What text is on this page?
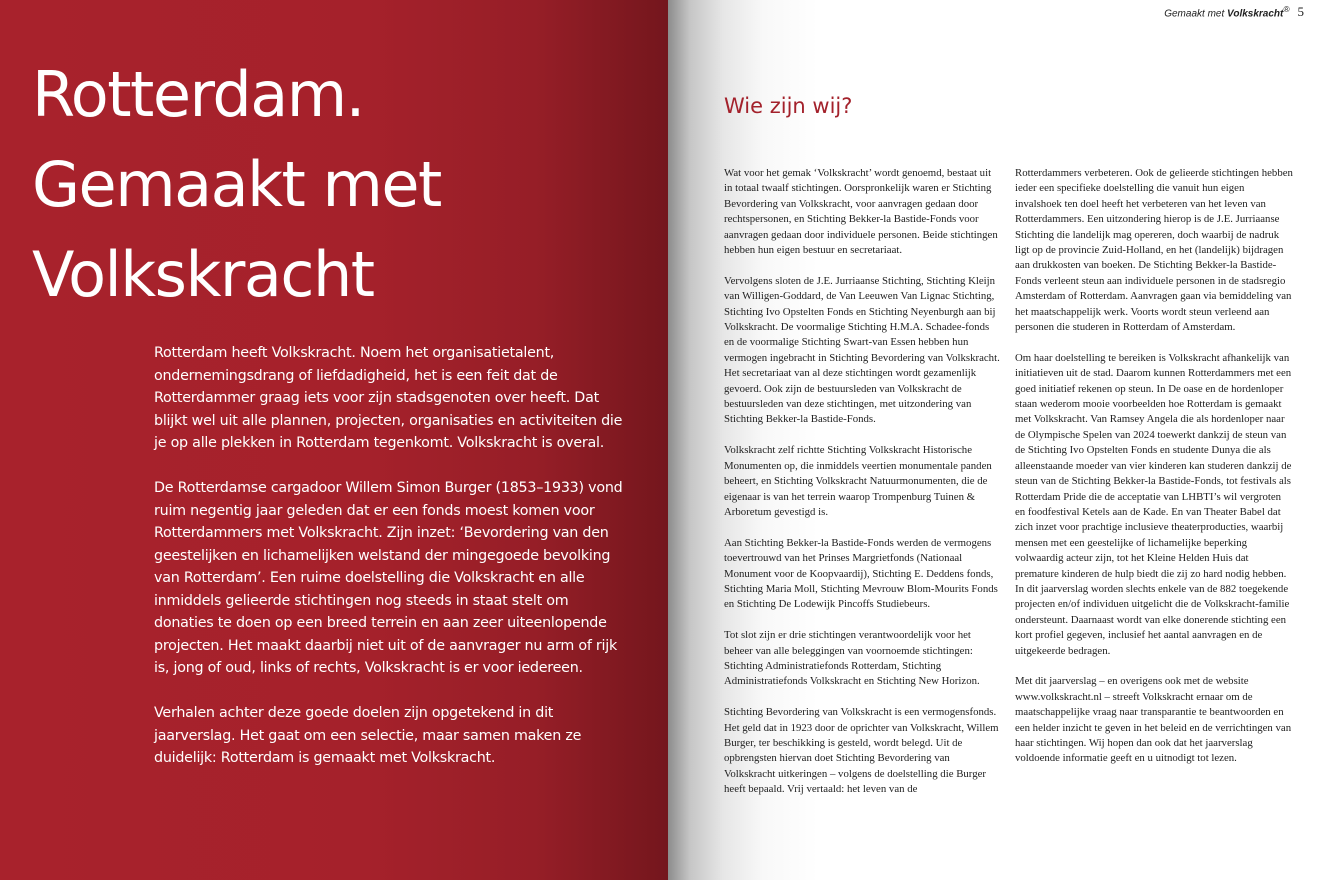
Rotterdam.
Gemaakt met
Volkskracht

Rotterdam heeft Volkskracht. Noem het organisatietalent, ondernemingsdrang of liefdadigheid, het is een feit dat de Rotterdammer graag iets voor zijn stadsgenoten over heeft. Dat blijkt wel uit alle plannen, projecten, organisaties en activiteiten die je op alle plekken in Rotterdam tegenkomt. Volkskracht is overal.

De Rotterdamse cargadoor Willem Simon Burger (1853–1933) vond ruim negentig jaar geleden dat er een fonds moest komen voor Rotterdammers met Volkskracht. Zijn inzet: ‘Bevordering van den geestelijken en lichamelijken welstand der mingegoede bevolking van Rotterdam’. Een ruime doelstelling die Volkskracht en alle inmiddels gelieerde stichtingen nog steeds in staat stelt om donaties te doen op een breed terrein en aan zeer uiteenlopende projecten. Het maakt daarbij niet uit of de aanvrager nu arm of rijk is, jong of oud, links of rechts, Volkskracht is er voor iedereen.

Verhalen achter deze goede doelen zijn opgetekend in dit jaarverslag. Het gaat om een selectie, maar samen maken ze duidelijk: Rotterdam is gemaakt met Volkskracht.

Gemaakt met Volkskracht® 5
Wie zijn wij?

Wat voor het gemak ‘Volkskracht’ wordt genoemd, bestaat uit in totaal twaalf stichtingen. Oorspronkelijk waren er Stichting Bevordering van Volkskracht, voor aanvragen gedaan door rechtspersonen, en Stichting Bekker-la Bastide-Fonds voor aanvragen gedaan door individuele personen. Beide stichtingen hebben hun eigen bestuur en secretariaat.

Vervolgens sloten de J.E. Jurriaanse Stichting, Stichting Kleijn van Willigen-Goddard, de Van Leeuwen Van Lignac Stichting, Stichting Ivo Opstelten Fonds en Stichting Neyenburgh aan bij Volkskracht. De voormalige Stichting H.M.A. Schadee-fonds en de voormalige Stichting Swart-van Essen hebben hun vermogen ingebracht in Stichting Bevordering van Volkskracht. Het secretariaat van al deze stichtingen wordt gezamenlijk gevoerd. Ook zijn de bestuursleden van Volkskracht de bestuursleden van deze stichtingen, met uitzondering van Stichting Bekker-la Bastide-Fonds.

Volkskracht zelf richtte Stichting Volkskracht Historische Monumenten op, die inmiddels veertien monumentale panden beheert, en Stichting Volkskracht Natuurmonumenten, die de eigenaar is van het terrein waarop Trompenburg Tuinen & Arboretum gevestigd is.

Aan Stichting Bekker-la Bastide-Fonds werden de vermogens toevertrouwd van het Prinses Margrietfonds (Nationaal Monument voor de Koopvaardij), Stichting E. Deddens fonds, Stichting Maria Moll, Stichting Mevrouw Blom-Mourits Fonds en Stichting De Lodewijk Pincoffs Studiebeurs.

Tot slot zijn er drie stichtingen verantwoordelijk voor het beheer van alle beleggingen van voornoemde stichtingen: Stichting Administratiefonds Rotterdam, Stichting Administratiefonds Volkskracht en Stichting New Horizon.

Stichting Bevordering van Volkskracht is een vermogensfonds. Het geld dat in 1923 door de oprichter van Volkskracht, Willem Burger, ter beschikking is gesteld, wordt belegd. Uit de opbrengsten hiervan doet Stichting Bevordering van Volkskracht uitkeringen – volgens de doelstelling die Burger heeft bepaald. Vrij vertaald: het leven van de

Rotterdammers verbeteren. Ook de gelieerde stichtingen hebben ieder een specifieke doelstelling die vanuit hun eigen invalshoek ten doel heeft het verbeteren van het leven van Rotterdammers. Een uitzondering hierop is de J.E. Jurriaanse Stichting die landelijk mag opereren, doch waarbij de nadruk ligt op de provincie Zuid-Holland, en het (landelijk) bijdragen aan drukkosten van boeken. De Stichting Bekker-la Bastide-Fonds verleent steun aan individuele personen in de stadsregio Amsterdam of Rotterdam. Aanvragen gaan via bemiddeling van het maatschappelijk werk. Voorts wordt steun verleend aan personen die studeren in Rotterdam of Amsterdam.

Om haar doelstelling te bereiken is Volkskracht afhankelijk van initiatieven uit de stad. Daarom kunnen Rotterdammers met een goed initiatief rekenen op steun. In De oase en de hordenloper staan wederom mooie voorbeelden hoe Rotterdam is gemaakt met Volkskracht. Van Ramsey Angela die als hordenloper naar de Olympische Spelen van 2024 toewerkt dankzij de steun van de Stichting Ivo Opstelten Fonds en studente Dunya die als alleenstaande moeder van vier kinderen kan studeren dankzij de steun van de Stichting Bekker-la Bastide-Fonds, tot festivals als Rotterdam Pride die de acceptatie van LHBTI’s wil vergroten en foodfestival Ketels aan de Kade. En van Theater Babel dat zich inzet voor prachtige inclusieve theaterproducties, waarbij mensen met een geestelijke of lichamelijke beperking volwaardig acteur zijn, tot het Kleine Helden Huis dat premature kinderen de hulp biedt die zij zo hard nodig hebben. In dit jaarverslag worden slechts enkele van de 882 toegekende projecten en/of individuen uitgelicht die de Volkskracht-familie ondersteunt. Daarnaast wordt van elke donerende stichting een kort profiel gegeven, inclusief het aantal aanvragen en de uitgekeerde bedragen.

Met dit jaarverslag – en overigens ook met de website www.volkskracht.nl – streeft Volkskracht ernaar om de maatschappelijke vraag naar transparantie te beantwoorden en een helder inzicht te geven in het beleid en de verrichtingen van haar stichtingen. Wij hopen dan ook dat het jaarverslag voldoende informatie geeft en u uitnodigt tot lezen.
